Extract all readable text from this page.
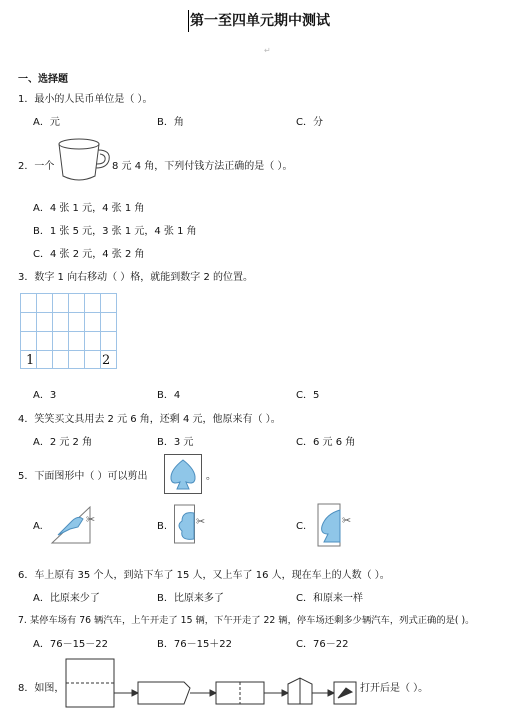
第一至四单元期中测试
↵
一、选择题
1．最小的人民币单位是（ ）。
A．元	B．角	C．分
2．一个	8 元 4 角，下列付钱方法正确的是（ ）。
A．4 张 1 元，4 张 1 角
B．1 张 5 元，3 张 1 元，4 张 1 角
C．4 张 2 元，4 张 2 角
3．数字 1 向右移动（ ）格，就能到数字 2 的位置。
1	2
A．3	B．4	C．5
4．笑笑买文具用去 2 元 6 角，还剩 4 元，他原来有（ ）。
A．2 元 2 角	B．3 元	C．6 元 6 角
5．下面图形中（ ）可以剪出	。
A.
✂
B.	✂	C.	✂
6．车上原有 35 个人，到站下车了 15 人，又上车了 16 人，现在车上的人数（ ）。
A．比原来少了	B．比原来多了	C．和原来一样
7. 某停车场有 76 辆汽车，上午开走了 15 辆，下午开走了 22 辆，停车场还剩多少辆汽车，列式正确的是( )。
A．76－15－22	B．76－15＋22	C．76－22
8．如图，	打开后是（ ）。
